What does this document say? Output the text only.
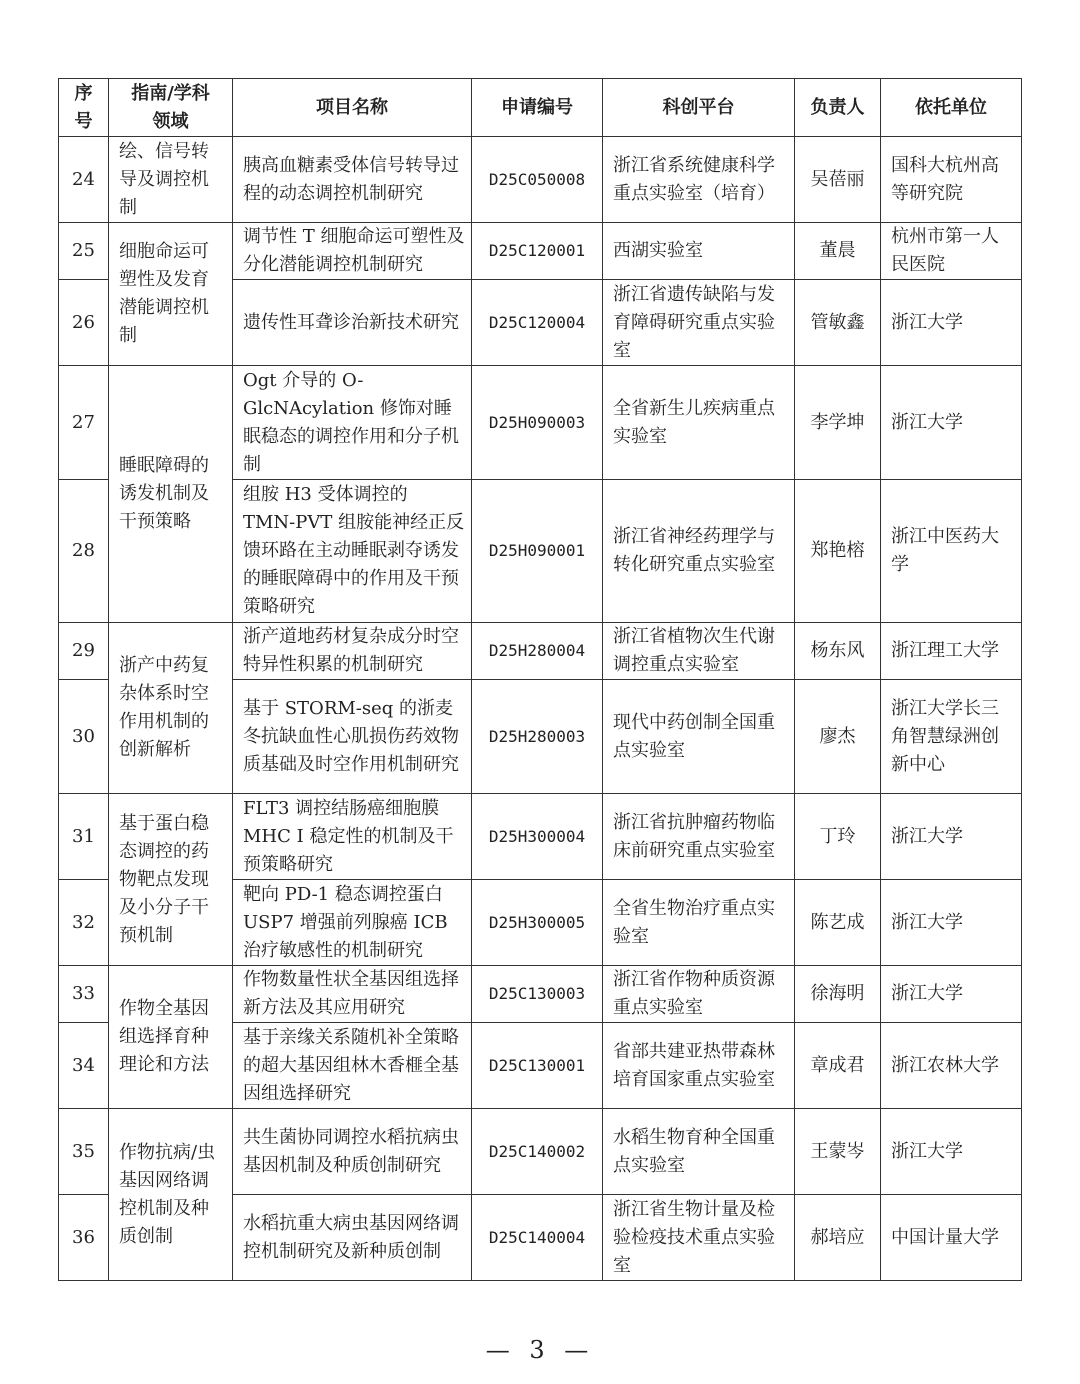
序号	指南/学科领域	项目名称	申请编号	科创平台	负责人	依托单位
24	绘、信号转导及调控机制	胰高血糖素受体信号转导过程的动态调控机制研究	D25C050008	浙江省系统健康科学重点实验室（培育）	吴蓓丽	国科大杭州高等研究院
25	细胞命运可塑性及发育潜能调控机制	调节性 T 细胞命运可塑性及分化潜能调控机制研究	D25C120001	西湖实验室	董晨	杭州市第一人民医院
26		遗传性耳聋诊治新技术研究	D25C120004	浙江省遗传缺陷与发育障碍研究重点实验室	管敏鑫	浙江大学
27	睡眠障碍的诱发机制及干预策略	Ogt 介导的 O-GlcNAcylation 修饰对睡眠稳态的调控作用和分子机制	D25H090003	全省新生儿疾病重点实验室	李学坤	浙江大学
28		组胺 H3 受体调控的 TMN-PVT 组胺能神经正反馈环路在主动睡眠剥夺诱发的睡眠障碍中的作用及干预策略研究	D25H090001	浙江省神经药理学与转化研究重点实验室	郑艳榕	浙江中医药大学
29	浙产中药复杂体系时空作用机制的创新解析	浙产道地药材复杂成分时空特异性积累的机制研究	D25H280004	浙江省植物次生代谢调控重点实验室	杨东风	浙江理工大学
30		基于 STORM-seq 的浙麦冬抗缺血性心肌损伤药效物质基础及时空作用机制研究	D25H280003	现代中药创制全国重点实验室	廖杰	浙江大学长三角智慧绿洲创新中心
31	基于蛋白稳态调控的药物靶点发现及小分子干预机制	FLT3 调控结肠癌细胞膜 MHC I 稳定性的机制及干预策略研究	D25H300004	浙江省抗肿瘤药物临床前研究重点实验室	丁玲	浙江大学
32		靶向 PD-1 稳态调控蛋白 USP7 增强前列腺癌 ICB 治疗敏感性的机制研究	D25H300005	全省生物治疗重点实验室	陈艺成	浙江大学
33	作物全基因组选择育种理论和方法	作物数量性状全基因组选择新方法及其应用研究	D25C130003	浙江省作物种质资源重点实验室	徐海明	浙江大学
34		基于亲缘关系随机补全策略的超大基因组林木香榧全基因组选择研究	D25C130001	省部共建亚热带森林培育国家重点实验室	章成君	浙江农林大学
35	作物抗病/虫基因网络调控机制及种质创制	共生菌协同调控水稻抗病虫基因机制及种质创制研究	D25C140002	水稻生物育种全国重点实验室	王蒙岑	浙江大学
36		水稻抗重大病虫基因网络调控机制研究及新种质创制	D25C140004	浙江省生物计量及检验检疫技术重点实验室	郝培应	中国计量大学
— 3 —
